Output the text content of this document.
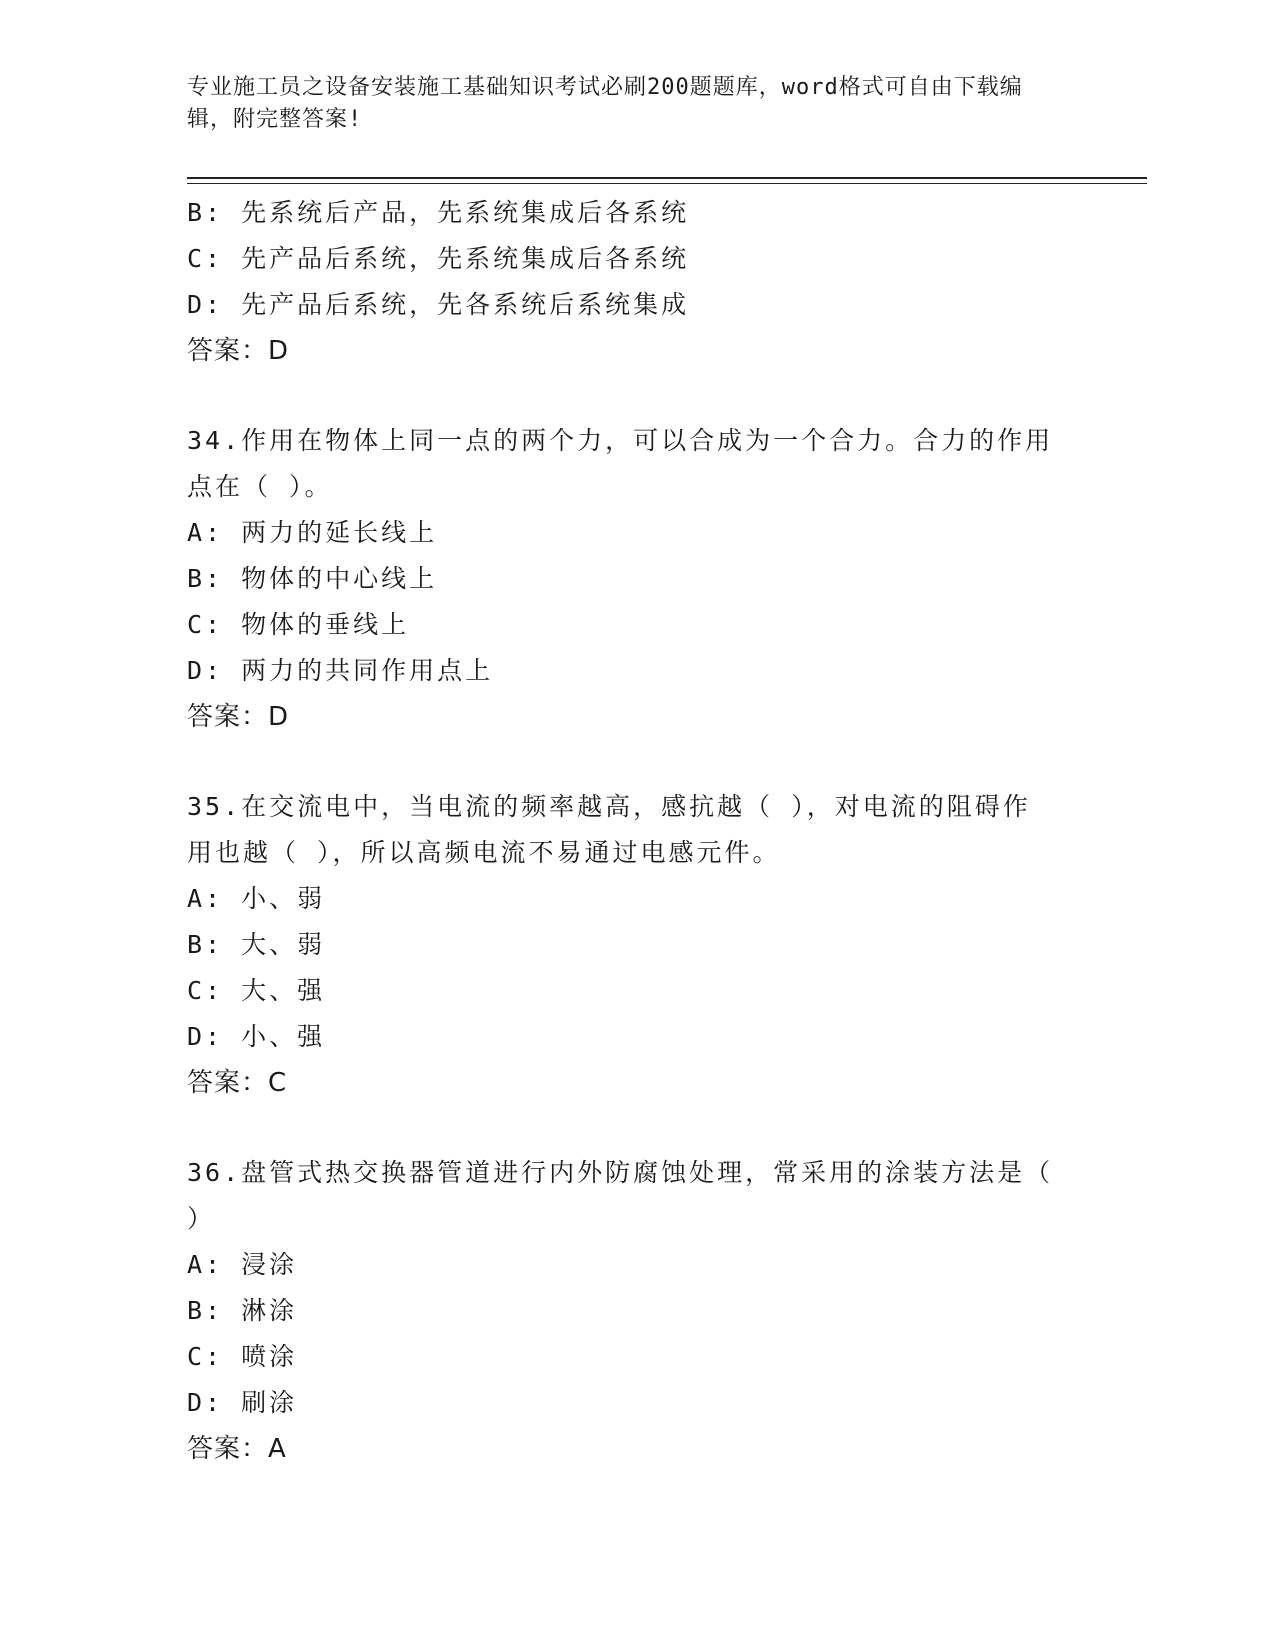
专业施工员之设备安装施工基础知识考试必刷200题题库，word格式可自由下载编辑，附完整答案!
B: 先系统后产品，先系统集成后各系统
C: 先产品后系统，先系统集成后各系统
D: 先产品后系统，先各系统后系统集成
答案：D
34.作用在物体上同一点的两个力，可以合成为一个合力。合力的作用
点在（ ）。
A: 两力的延长线上
B: 物体的中心线上
C: 物体的垂线上
D: 两力的共同作用点上
答案：D
35.在交流电中，当电流的频率越高，感抗越（ ），对电流的阻碍作
用也越（ ），所以高频电流不易通过电感元件。
A: 小、弱
B: 大、弱
C: 大、强
D: 小、强
答案：C
36.盘管式热交换器管道进行内外防腐蚀处理，常采用的涂装方法是（
）
A: 浸涂
B: 淋涂
C: 喷涂
D: 刷涂
答案：A
